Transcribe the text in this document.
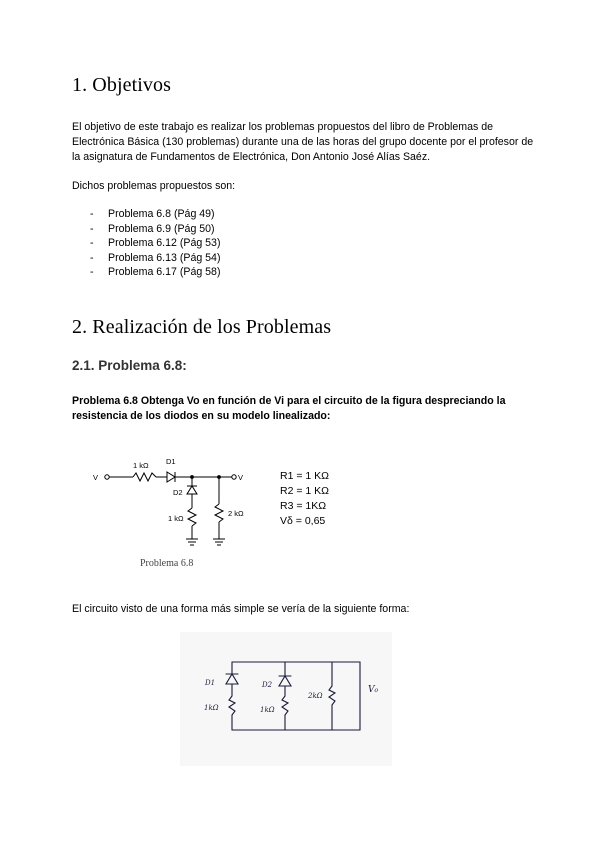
1. Objetivos

El objetivo de este trabajo es realizar los problemas propuestos del libro de Problemas de Electrónica Básica (130 problemas) durante una de las horas del grupo docente por el profesor de la asignatura de Fundamentos de Electrónica, Don Antonio José Alías Saéz.

Dichos problemas propuestos son:

- Problema 6.8 (Pág 49)
- Problema 6.9 (Pág 50)
- Problema 6.12 (Pág 53)
- Problema 6.13 (Pág 54)
- Problema 6.17 (Pág 58)
2. Realización de los Problemas
2.1. Problema 6.8:

Problema 6.8 Obtenga Vo en función de Vi para el circuito de la figura despreciando la resistencia de los diodos en su modelo linealizado:

V	V
1 kΩ D1
D2
1 kΩ
2 kΩ
Problema 6.8
R1 = 1 KΩ
R2 = 1 KΩ
R3 = 1KΩ
Vδ = 0,65

El circuito visto de una forma más simple se vería de la siguiente forma:

D1	D2
1kΩ	1kΩ
2kΩ
V₀
